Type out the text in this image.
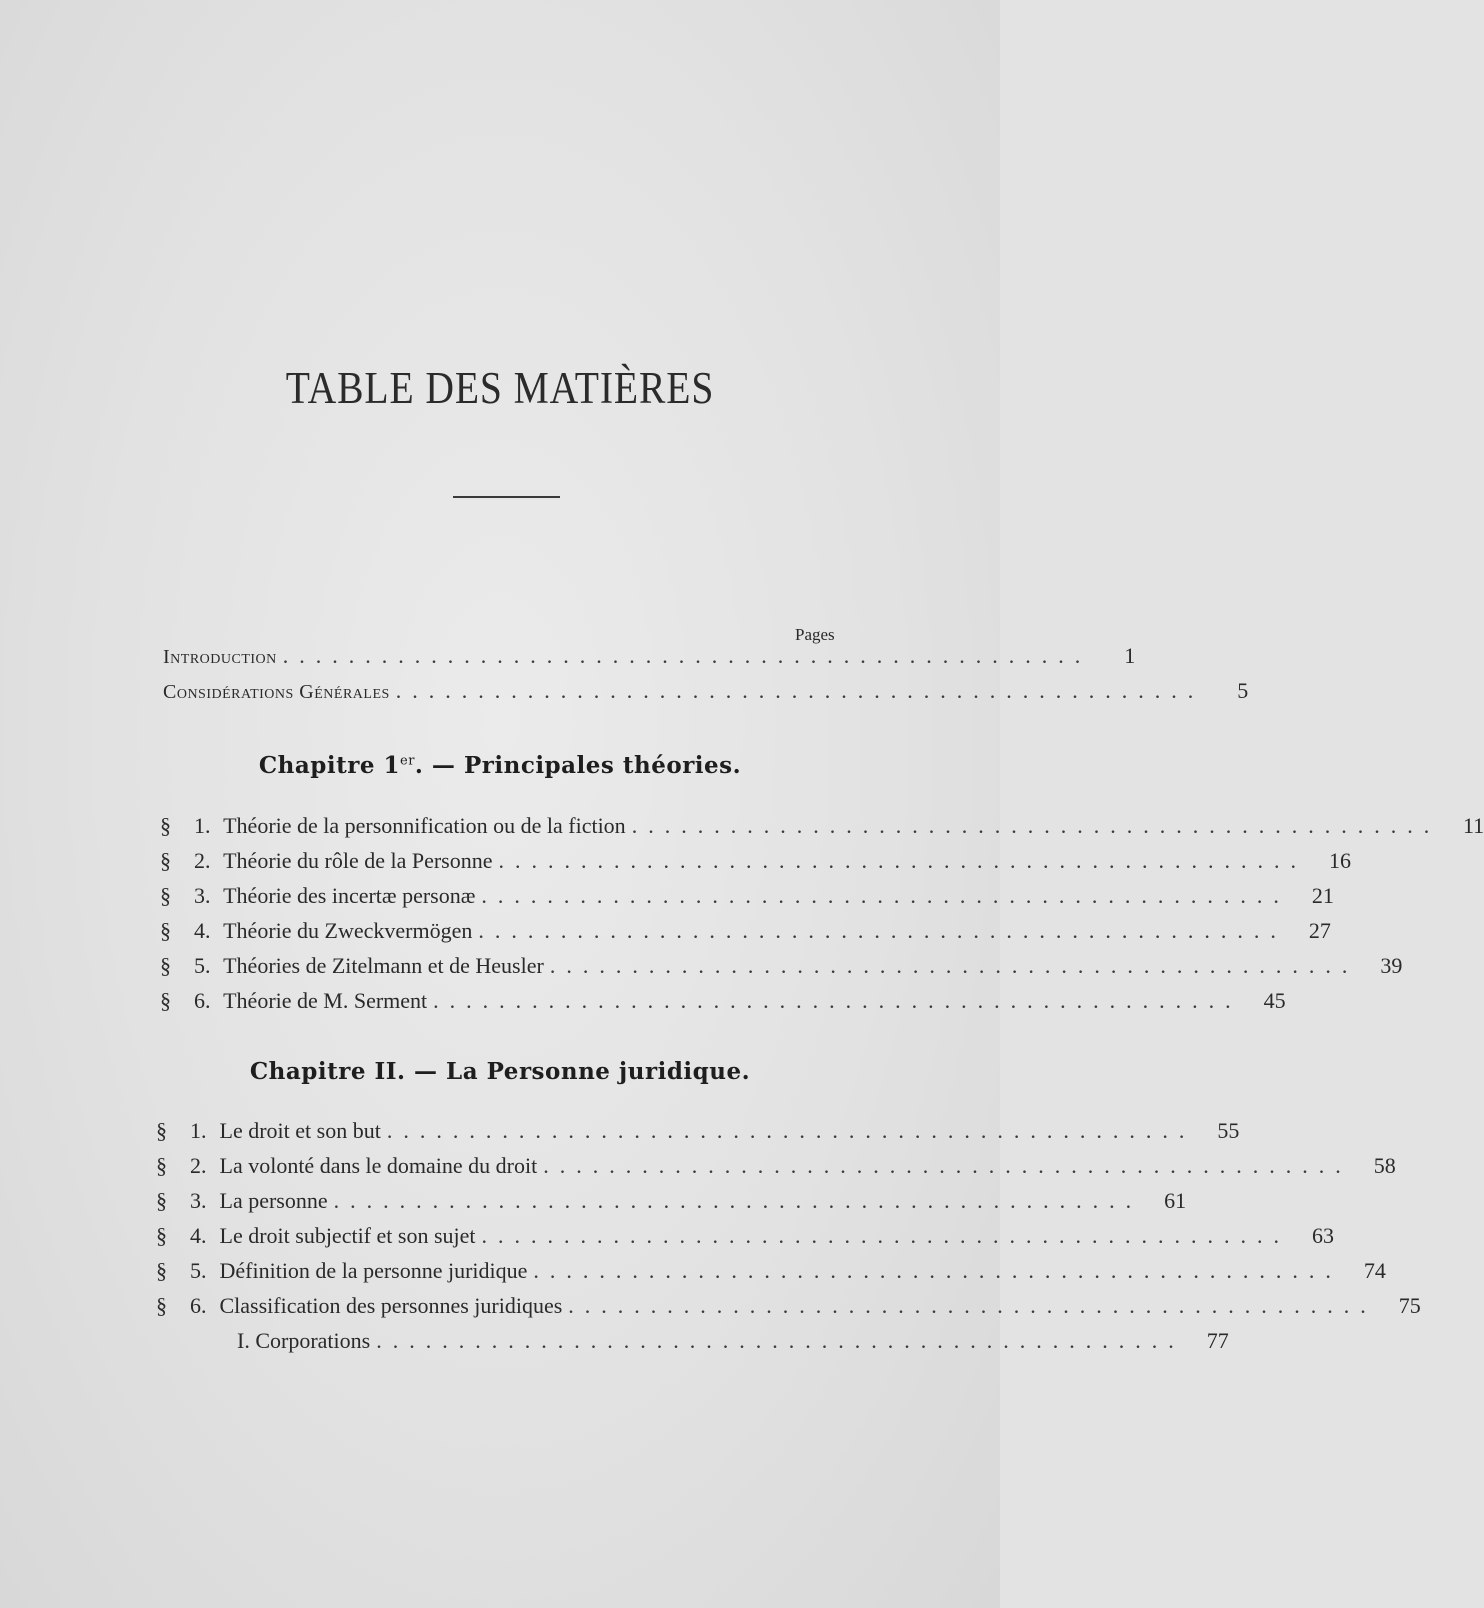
TABLE DES MATIÈRES
Pages
Introduction .................................................	1
Considérations Générales .................................................	5
Chapitre 1er. — Principales théories.
§ 1. Théorie de la personnification ou de la fiction .................................................	11
§ 2. Théorie du rôle de la Personne .................................................	16
§ 3. Théorie des incertæ personæ .................................................	21
§ 4. Théorie du Zweckvermögen .................................................	27
§ 5. Théories de Zitelmann et de Heusler .................................................	39
§ 6. Théorie de M. Serment .................................................	45
Chapitre II. — La Personne juridique.
§ 1. Le droit et son but .................................................	55
§ 2. La volonté dans le domaine du droit .................................................	58
§ 3. La personne .................................................	61
§ 4. Le droit subjectif et son sujet .................................................	63
§ 5. Définition de la personne juridique .................................................	74
§ 6. Classification des personnes juridiques .................................................	75
I. Corporations .................................................	77
